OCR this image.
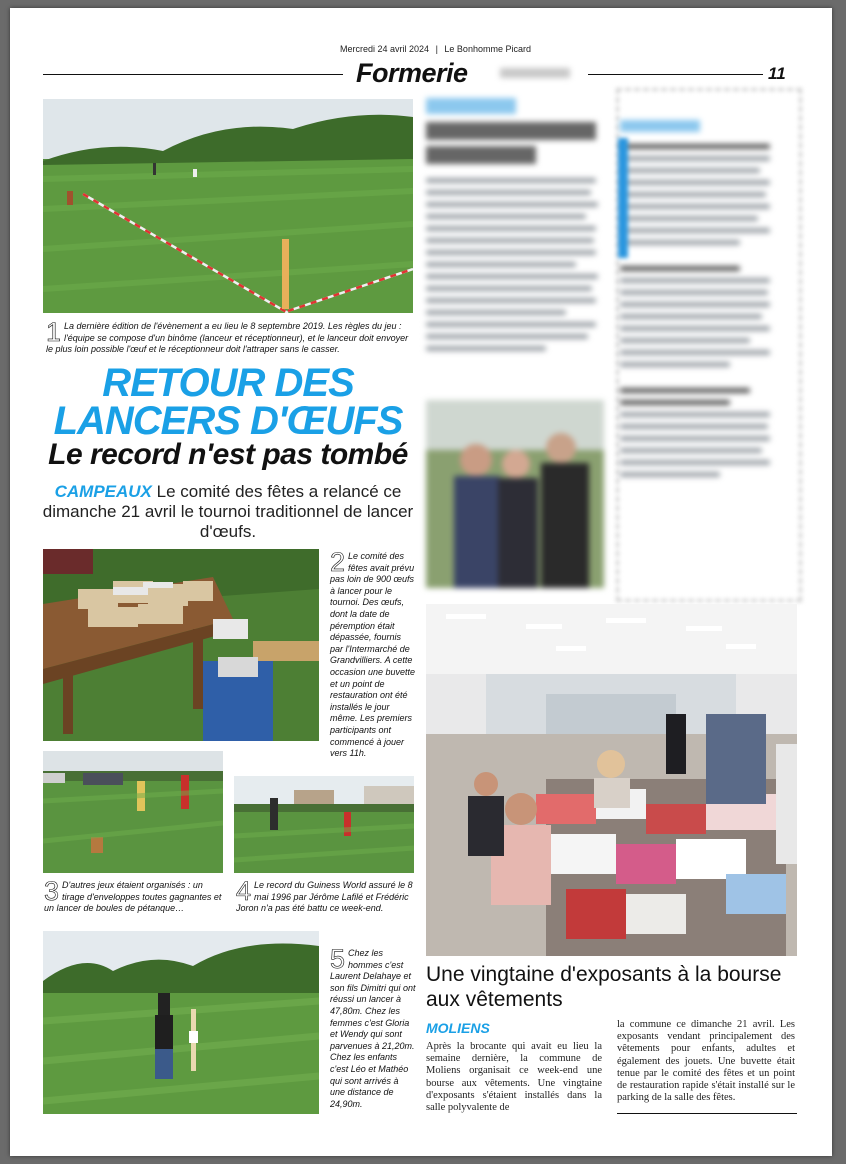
Mercredi 24 avril 2024 | Le Bonhomme Picard
Formerie	11
1 La dernière édition de l'évènement a eu lieu le 8 septembre 2019. Les règles du jeu : l'équipe se compose d'un binôme (lanceur et réceptionneur), et le lanceur doit envoyer le plus loin possible l'œuf et le réceptionneur doit l'attraper sans le casser.
RETOUR DES
LANCERS D'ŒUFS
Le record n'est pas tombé
CAMPEAUX Le comité des fêtes a relancé ce dimanche 21 avril le tournoi traditionnel de lancer d'œufs.
2 Le comité des fêtes avait prévu pas loin de 900 œufs à lancer pour le tournoi. Des œufs, dont la date de péremption était dépassée, fournis par l'Intermarché de Grandvilliers. A cette occasion une buvette et un point de restauration ont été installés le jour même. Les premiers participants ont commencé à jouer vers 11h.
3 D'autres jeux étaient organisés : un tirage d'enveloppes toutes gagnantes et un lancer de boules de pétanque…
4 Le record du Guiness World assuré le 8 mai 1996 par Jérôme Lafilé et Frédéric Joron n'a pas été battu ce week-end.
5 Chez les hommes c'est Laurent Delahaye et son fils Dimitri qui ont réussi un lancer à 47,80m. Chez les femmes c'est Gloria et Wendy qui sont parvenues à 21,20m. Chez les enfants c'est Léo et Mathéo qui sont arrivés à une distance de 24,90m.
Une vingtaine d'exposants à la bourse aux vêtements
MOLIENS
Après la brocante qui avait eu lieu la semaine dernière, la commune de Moliens organisait ce week-end une bourse aux vêtements. Une vingtaine d'exposants s'étaient installés dans la salle polyvalente de
la commune ce dimanche 21 avril. Les exposants vendant principalement des vêtements pour enfants, adultes et également des jouets. Une buvette était tenue par le comité des fêtes et un point de restauration rapide s'était installé sur le parking de la salle des fêtes.
